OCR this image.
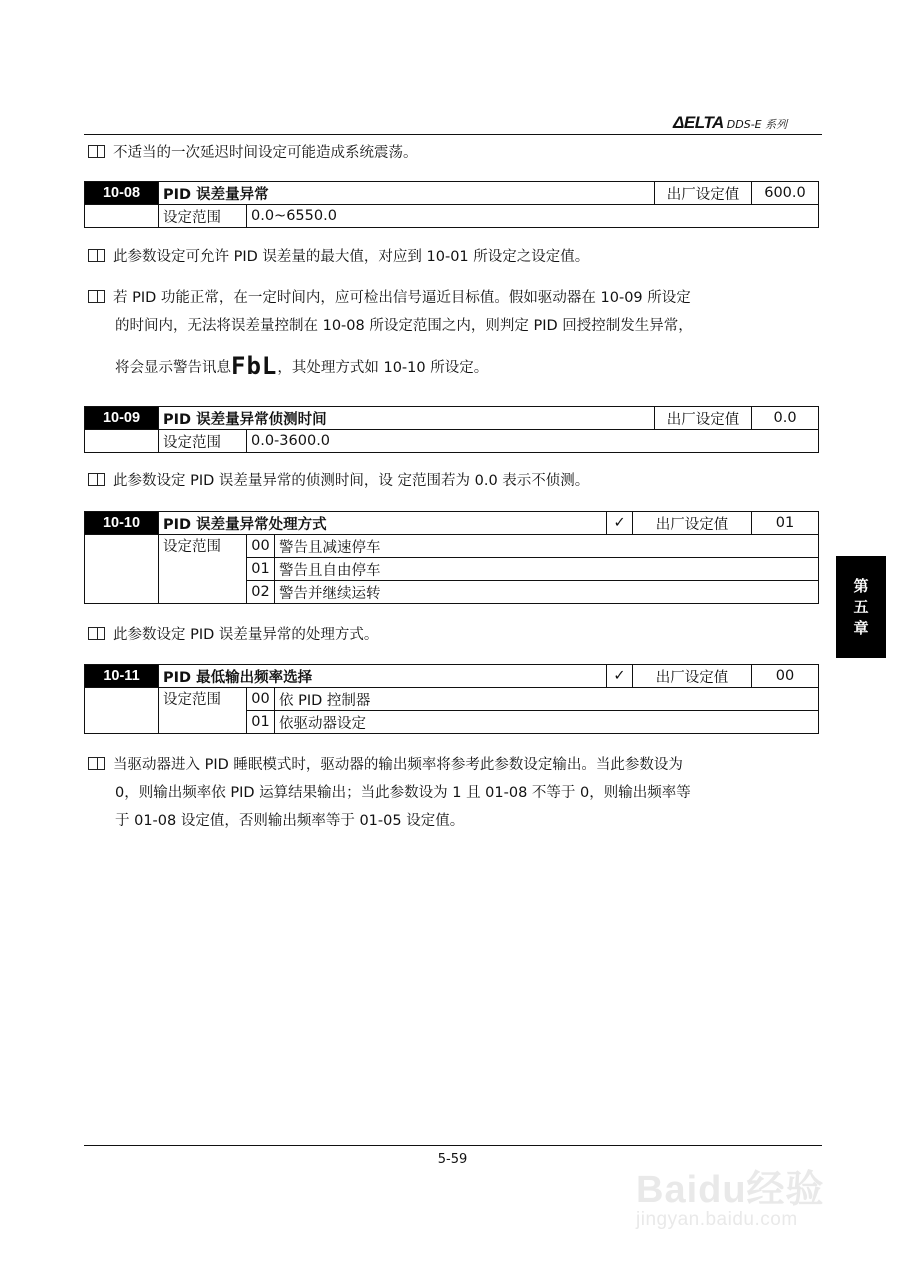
ΔELTA DDS-E 系列
不适当的一次延迟时间设定可能造成系统震荡。
10-08	PID 误差量异常		出厂设定值	600.0
	设定范围	0.0~6550.0		
此参数设定可允许 PID 误差量的最大值，对应到 10-01 所设定之设定值。
若 PID 功能正常，在一定时间内，应可检出信号逼近目标值。假如驱动器在 10-09 所设定
的时间内，无法将误差量控制在 10-08 所设定范围之内，则判定 PID 回授控制发生异常，
将会显示警告讯息FbL，其处理方式如 10-10 所设定。
10-09	PID 误差量异常侦测时间		出厂设定值	0.0
	设定范围	0.0-3600.0		
此参数设定 PID 误差量异常的侦测时间，设 定范围若为 0.0 表示不侦测。
10-10	PID 误差量异常处理方式			✓	出厂设定值	01
	设定范围	00	警告且减速停车			
		01	警告且自由停车			
		02	警告并继续运转			
此参数设定 PID 误差量异常的处理方式。
10-11	PID 最低输出频率选择			✓	出厂设定值	00
	设定范围	00	依 PID 控制器			
		01	依驱动器设定			
当驱动器进入 PID 睡眠模式时，驱动器的输出频率将参考此参数设定输出。当此参数设为
0，则输出频率依 PID 运算结果输出；当此参数设为 1 且 01-08 不等于 0，则输出频率等
于 01-08 设定值，否则输出频率等于 01-05 设定值。
第
五
章
5-59
Baidu经验
jingyan.baidu.com
